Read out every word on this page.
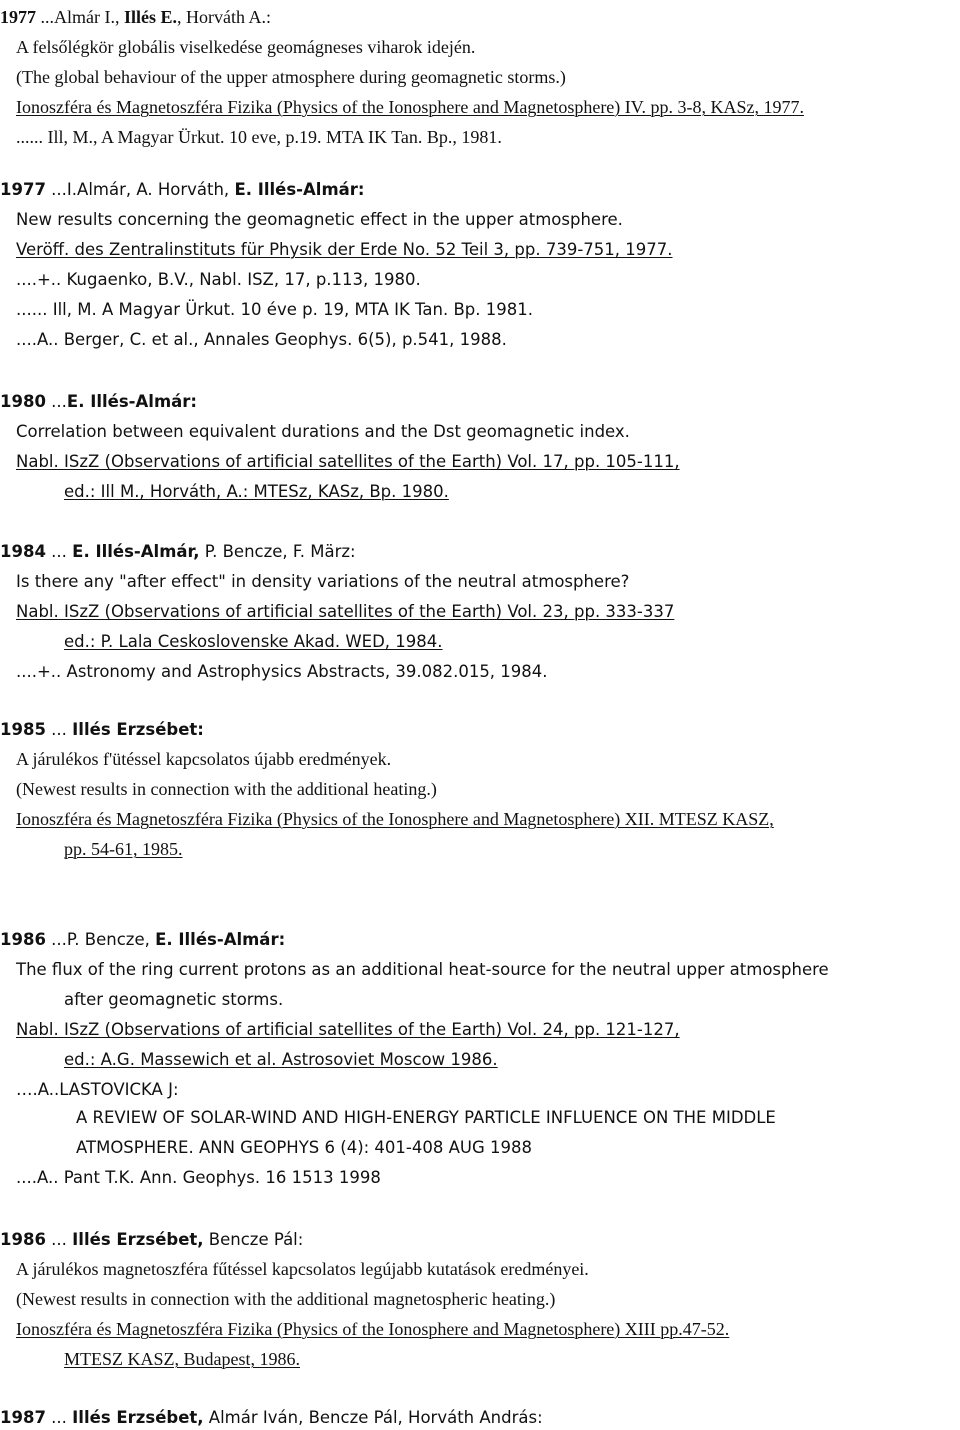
1977 ...Almár I., Illés E., Horváth A.:
A felsőlégkör globális viselkedése geomágneses viharok idején.
(The global behaviour of the upper atmosphere during geomagnetic storms.)
Ionoszféra és Magnetoszféra Fizika (Physics of the Ionosphere and Magnetosphere) IV. pp. 3-8, KASz, 1977.
...... Ill, M., A Magyar Ürkut. 10 eve, p.19. MTA IK Tan. Bp., 1981.
1977 ...I.Almár, A. Horváth, E. Illés-Almár:
New results concerning the geomagnetic effect in the upper atmosphere.
Veröff. des Zentralinstituts für Physik der Erde No. 52 Teil 3, pp. 739-751, 1977.
....+.. Kugaenko, B.V., Nabl. ISZ, 17, p.113, 1980.
...... Ill, M. A Magyar Ürkut. 10 éve p. 19, MTA IK Tan. Bp. 1981.
....A.. Berger, C. et al., Annales Geophys. 6(5), p.541, 1988.
1980 ...E. Illés-Almár:
Correlation between equivalent durations and the Dst geomagnetic index.
Nabl. ISzZ (Observations of artificial satellites of the Earth) Vol. 17, pp. 105-111,
ed.: Ill M., Horváth, A.: MTESz, KASz, Bp. 1980.
1984 ... E. Illés-Almár, P. Bencze, F. März:
Is there any "after effect" in density variations of the neutral atmosphere?
Nabl. ISzZ (Observations of artificial satellites of the Earth) Vol. 23, pp. 333-337
ed.: P. Lala Ceskoslovenske Akad. WED, 1984.
....+.. Astronomy and Astrophysics Abstracts, 39.082.015, 1984.
1985 ... Illés Erzsébet:
A járulékos f'ütéssel kapcsolatos újabb eredmények.
(Newest results in connection with the additional heating.)
Ionoszféra és Magnetoszféra Fizika (Physics of the Ionosphere and Magnetosphere) XII. MTESZ KASZ,
pp. 54-61, 1985.
1986 ...P. Bencze, E. Illés-Almár:
The flux of the ring current protons as an additional heat-source for the neutral upper atmosphere
after geomagnetic storms.
Nabl. ISzZ (Observations of artificial satellites of the Earth) Vol. 24, pp. 121-127,
ed.: A.G. Massewich et al. Astrosoviet Moscow 1986.
….A..LASTOVICKA J:
A REVIEW OF SOLAR-WIND AND HIGH-ENERGY PARTICLE INFLUENCE ON THE MIDDLE
ATMOSPHERE. ANN GEOPHYS 6 (4): 401-408 AUG 1988
....A.. Pant T.K. Ann. Geophys. 16 1513 1998
1986 ... Illés Erzsébet, Bencze Pál:
A járulékos magnetoszféra fűtéssel kapcsolatos legújabb kutatások eredményei.
(Newest results in connection with the additional magnetospheric heating.)
Ionoszféra és Magnetoszféra Fizika (Physics of the Ionosphere and Magnetosphere) XIII pp.47-52.
MTESZ KASZ, Budapest, 1986.
1987 ... Illés Erzsébet, Almár Iván, Bencze Pál, Horváth András:
